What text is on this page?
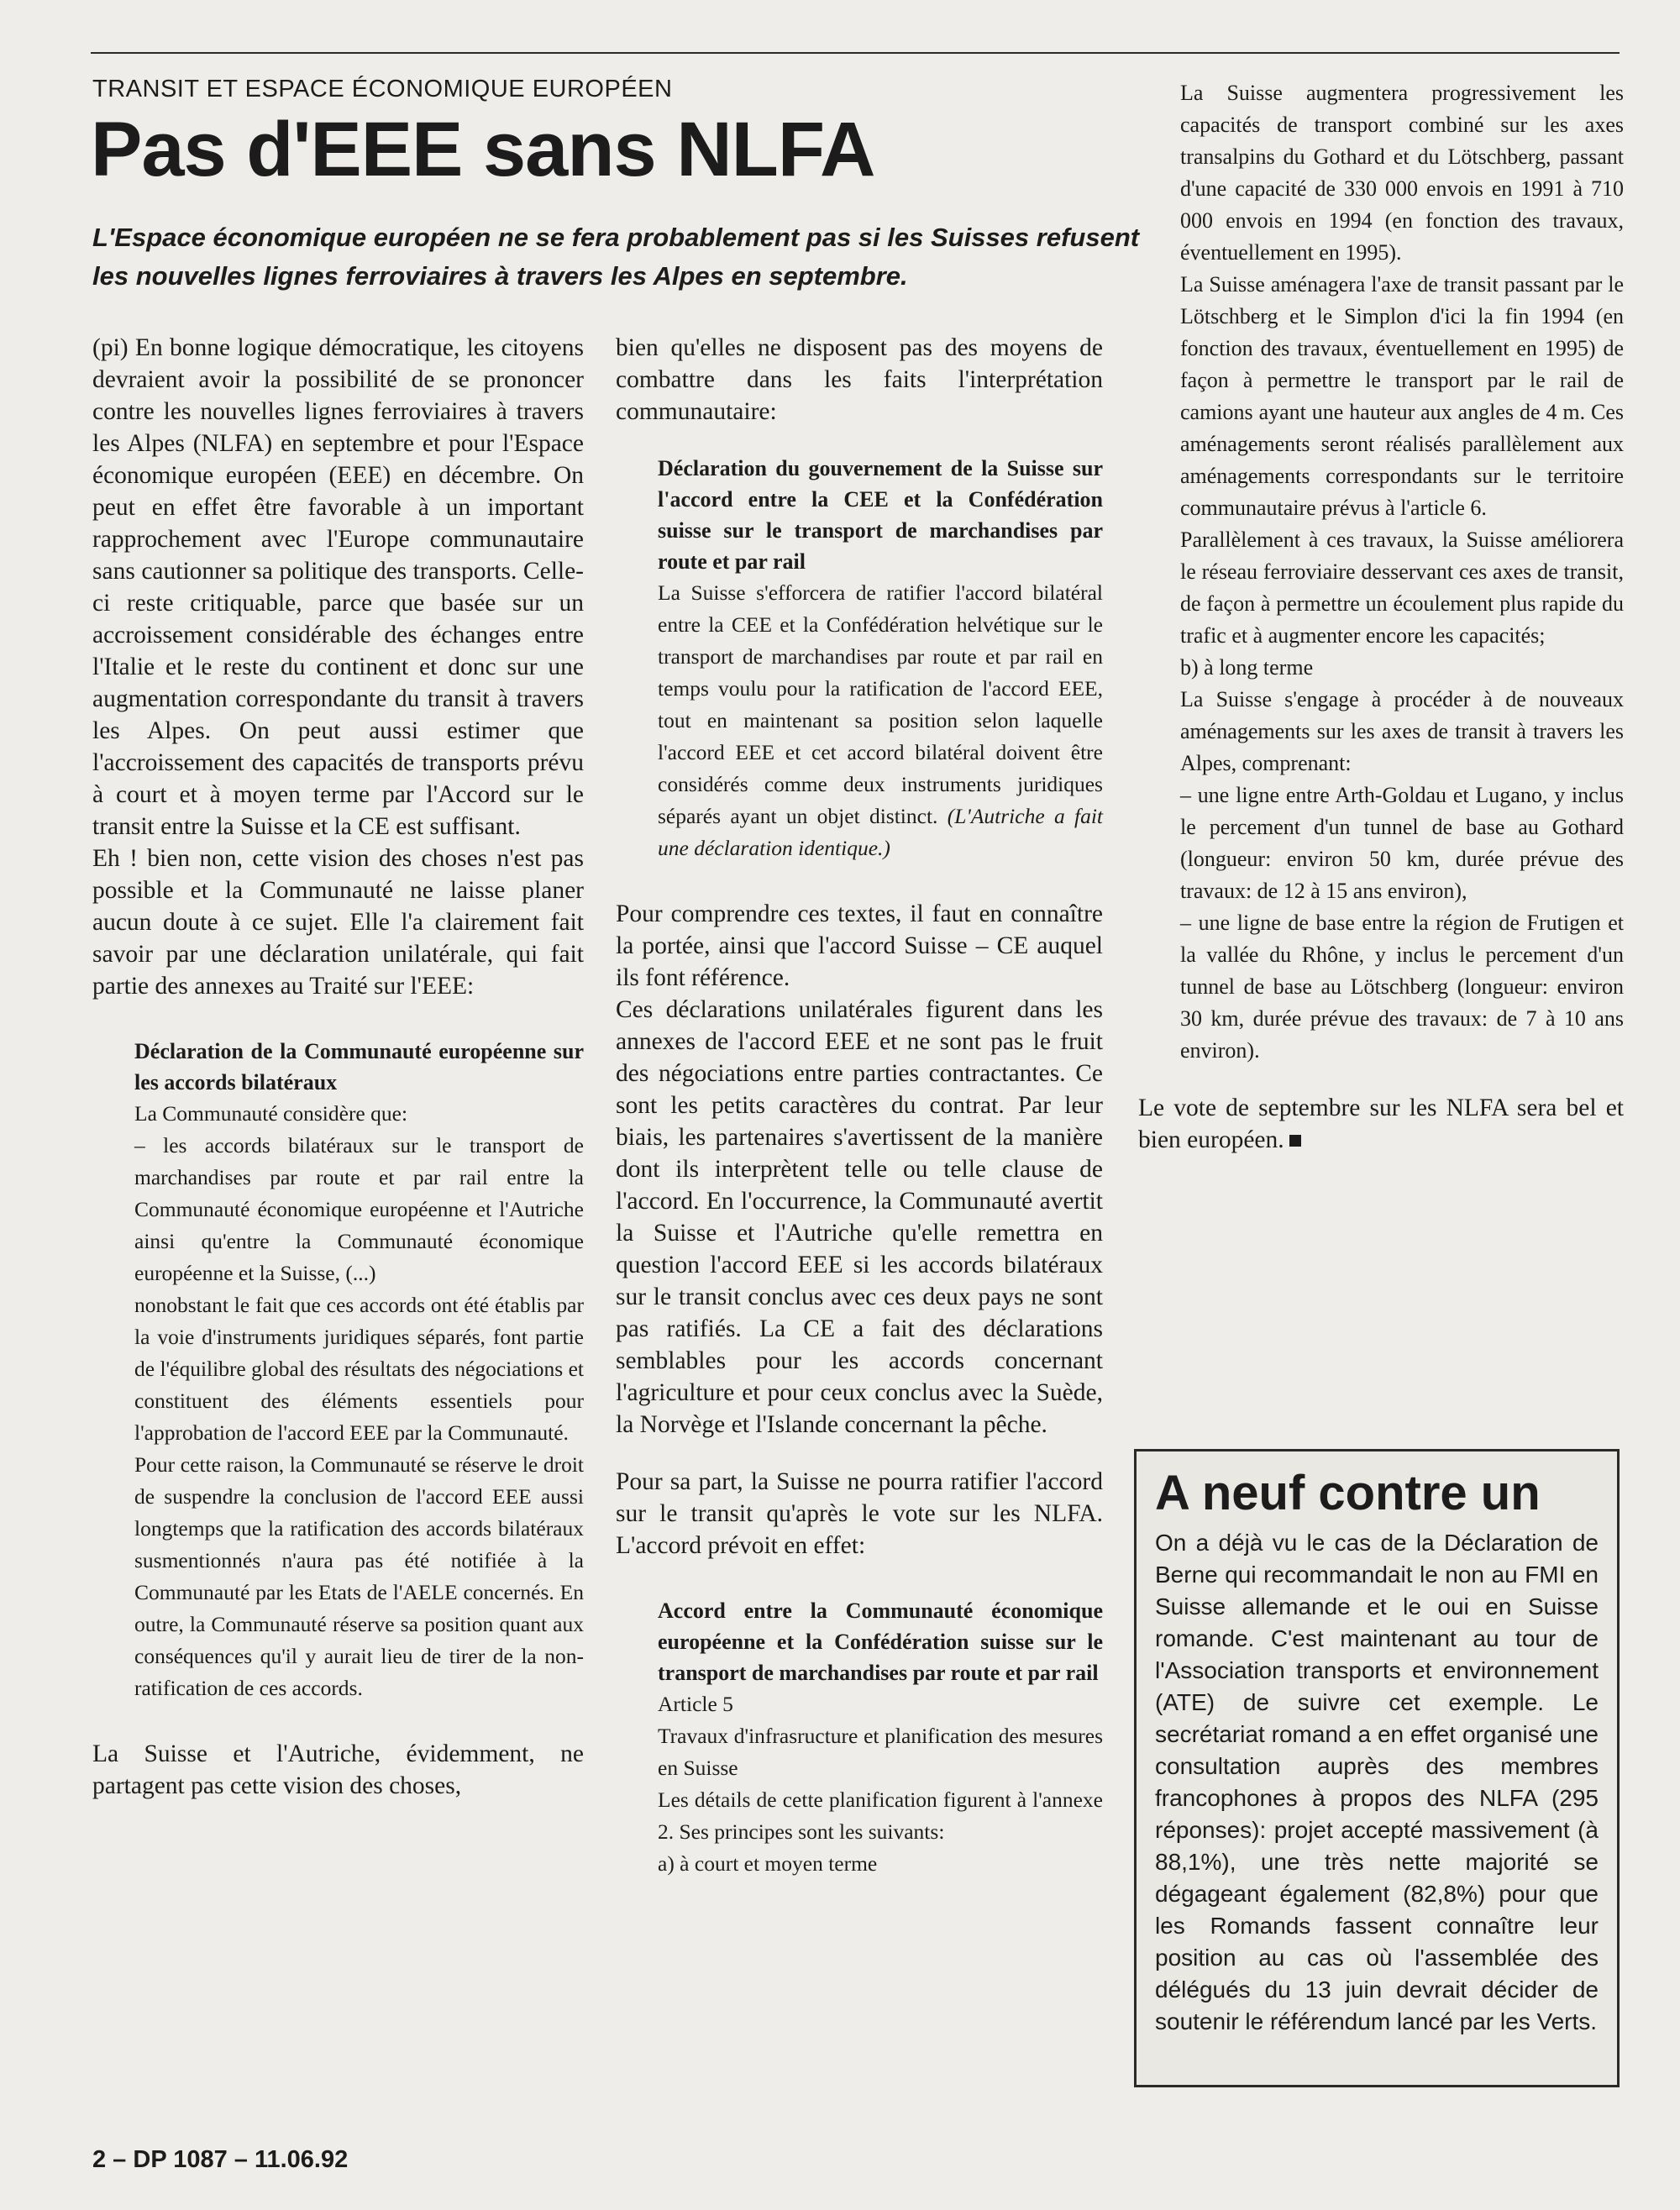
TRANSIT ET ESPACE ÉCONOMIQUE EUROPÉEN
Pas d'EEE sans NLFA

L'Espace économique européen ne se fera probablement pas si les Suisses refusent les nouvelles lignes ferroviaires à travers les Alpes en septembre.

(pi) En bonne logique démocratique, les citoyens devraient avoir la possibilité de se prononcer contre les nouvelles lignes ferroviaires à travers les Alpes (NLFA) en septembre et pour l'Espace économique européen (EEE) en décembre. On peut en effet être favorable à un important rapprochement avec l'Europe communautaire sans cautionner sa politique des transports. Celle-ci reste critiquable, parce que basée sur un accroissement considérable des échanges entre l'Italie et le reste du continent et donc sur une augmentation correspondante du transit à travers les Alpes. On peut aussi estimer que l'accroissement des capacités de transports prévu à court et à moyen terme par l'Accord sur le transit entre la Suisse et la CE est suffisant.

Eh ! bien non, cette vision des choses n'est pas possible et la Communauté ne laisse planer aucun doute à ce sujet. Elle l'a clairement fait savoir par une déclaration unilatérale, qui fait partie des annexes au Traité sur l'EEE:

Déclaration de la Communauté européenne sur les accords bilatéraux

La Communauté considère que:

– les accords bilatéraux sur le transport de marchandises par route et par rail entre la Communauté économique européenne et l'Autriche ainsi qu'entre la Communauté économique européenne et la Suisse, (...)

nonobstant le fait que ces accords ont été établis par la voie d'instruments juridiques séparés, font partie de l'équilibre global des résultats des négociations et constituent des éléments essentiels pour l'approbation de l'accord EEE par la Communauté.

Pour cette raison, la Communauté se réserve le droit de suspendre la conclusion de l'accord EEE aussi longtemps que la ratification des accords bilatéraux susmentionnés n'aura pas été notifiée à la Communauté par les Etats de l'AELE concernés. En outre, la Communauté réserve sa position quant aux conséquences qu'il y aurait lieu de tirer de la non-ratification de ces accords.

La Suisse et l'Autriche, évidemment, ne partagent pas cette vision des choses,

bien qu'elles ne disposent pas des moyens de combattre dans les faits l'interprétation communautaire:

Déclaration du gouvernement de la Suisse sur l'accord entre la CEE et la Confédération suisse sur le transport de marchandises par route et par rail

La Suisse s'efforcera de ratifier l'accord bilatéral entre la CEE et la Confédération helvétique sur le transport de marchandises par route et par rail en temps voulu pour la ratification de l'accord EEE, tout en maintenant sa position selon laquelle l'accord EEE et cet accord bilatéral doivent être considérés comme deux instruments juridiques séparés ayant un objet distinct. (L'Autriche a fait une déclaration identique.)

Pour comprendre ces textes, il faut en connaître la portée, ainsi que l'accord Suisse – CE auquel ils font référence.

Ces déclarations unilatérales figurent dans les annexes de l'accord EEE et ne sont pas le fruit des négociations entre parties contractantes. Ce sont les petits caractères du contrat. Par leur biais, les partenaires s'avertissent de la manière dont ils interprètent telle ou telle clause de l'accord. En l'occurrence, la Communauté avertit la Suisse et l'Autriche qu'elle remettra en question l'accord EEE si les accords bilatéraux sur le transit conclus avec ces deux pays ne sont pas ratifiés. La CE a fait des déclarations semblables pour les accords concernant l'agriculture et pour ceux conclus avec la Suède, la Norvège et l'Islande concernant la pêche.

Pour sa part, la Suisse ne pourra ratifier l'accord sur le transit qu'après le vote sur les NLFA. L'accord prévoit en effet:

Accord entre la Communauté économique européenne et la Confédération suisse sur le transport de marchandises par route et par rail

Article 5

Travaux d'infrasructure et planification des mesures en Suisse

Les détails de cette planification figurent à l'annexe 2. Ses principes sont les suivants:

a) à court et moyen terme

La Suisse augmentera progressivement les capacités de transport combiné sur les axes transalpins du Gothard et du Lötschberg, passant d'une capacité de 330 000 envois en 1991 à 710 000 envois en 1994 (en fonction des travaux, éventuellement en 1995).

La Suisse aménagera l'axe de transit passant par le Lötschberg et le Simplon d'ici la fin 1994 (en fonction des travaux, éventuellement en 1995) de façon à permettre le transport par le rail de camions ayant une hauteur aux angles de 4 m. Ces aménagements seront réalisés parallèlement aux aménagements correspondants sur le territoire communautaire prévus à l'article 6.

Parallèlement à ces travaux, la Suisse améliorera le réseau ferroviaire desservant ces axes de transit, de façon à permettre un écoulement plus rapide du trafic et à augmenter encore les capacités;

b) à long terme

La Suisse s'engage à procéder à de nouveaux aménagements sur les axes de transit à travers les Alpes, comprenant:

– une ligne entre Arth-Goldau et Lugano, y inclus le percement d'un tunnel de base au Gothard (longueur: environ 50 km, durée prévue des travaux: de 12 à 15 ans environ),

– une ligne de base entre la région de Frutigen et la vallée du Rhône, y inclus le percement d'un tunnel de base au Lötschberg (longueur: environ 30 km, durée prévue des travaux: de 7 à 10 ans environ).

Le vote de septembre sur les NLFA sera bel et bien européen.

A neuf contre un

On a déjà vu le cas de la Déclaration de Berne qui recommandait le non au FMI en Suisse allemande et le oui en Suisse romande. C'est maintenant au tour de l'Association transports et environnement (ATE) de suivre cet exemple. Le secrétariat romand a en effet organisé une consultation auprès des membres francophones à propos des NLFA (295 réponses): projet accepté massivement (à 88,1%), une très nette majorité se dégageant également (82,8%) pour que les Romands fassent connaître leur position au cas où l'assemblée des délégués du 13 juin devrait décider de soutenir le référendum lancé par les Verts.

2 – DP 1087 – 11.06.92
